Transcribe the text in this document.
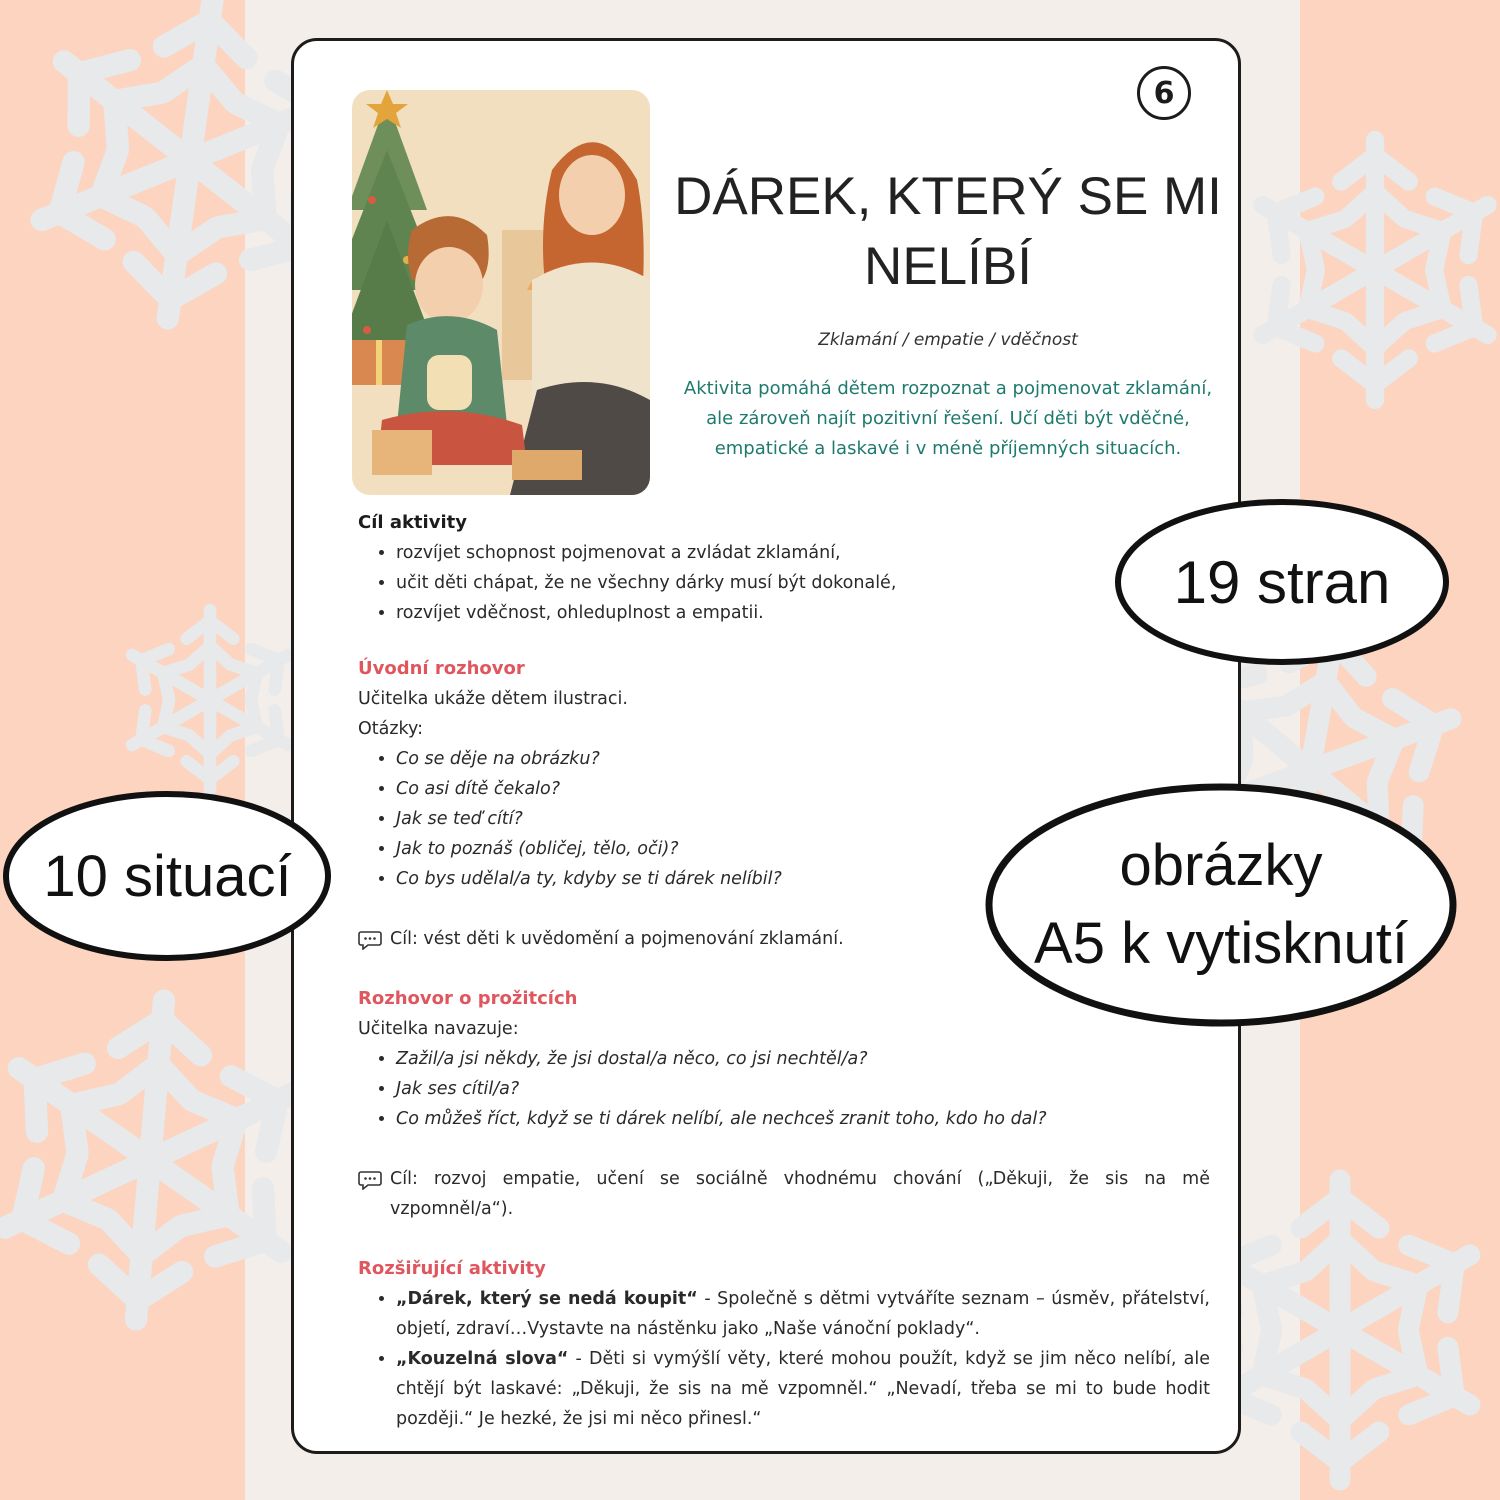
6
DÁREK, KTERÝ SE MI NELÍBÍ
Zklamání / empatie / vděčnost
Aktivita pomáhá dětem rozpoznat a pojmenovat zklamání, ale zároveň najít pozitivní řešení. Učí děti být vděčné, empatické a laskavé i v méně příjemných situacích.
Cíl aktivity
• rozvíjet schopnost pojmenovat a zvládat zklamání,
• učit děti chápat, že ne všechny dárky musí být dokonalé,
• rozvíjet vděčnost, ohleduplnost a empatii.
Úvodní rozhovor

Učitelka ukáže dětem ilustraci.

Otázky:

• Co se děje na obrázku?
• Co asi dítě čekalo?
• Jak se teď cítí?
• Jak to poznáš (obličej, tělo, oči)?
• Co bys udělal/a ty, kdyby se ti dárek nelíbil?
Cíl: vést děti k uvědomění a pojmenování zklamání.
Rozhovor o prožitcích

Učitelka navazuje:

• Zažil/a jsi někdy, že jsi dostal/a něco, co jsi nechtěl/a?
• Jak ses cítil/a?
• Co můžeš říct, když se ti dárek nelíbí, ale nechceš zranit toho, kdo ho dal?
Cíl: rozvoj empatie, učení se sociálně vhodnému chování („Děkuji, že sis na mě vzpomněl/a“).
Rozšiřující aktivity
• „Dárek, který se nedá koupit“ - Společně s dětmi vytváříte seznam – úsměv, přátelství, objetí, zdraví…Vystavte na nástěnku jako „Naše vánoční poklady“.
• „Kouzelná slova“ - Děti si vymýšlí věty, které mohou použít, když se jim něco nelíbí, ale chtějí být laskavé: „Děkuji, že sis na mě vzpomněl.“ „Nevadí, třeba se mi to bude hodit později.“ Je hezké, že jsi mi něco přinesl.“
19 stran
10 situací	obrázky
A5 k vytisknutí
